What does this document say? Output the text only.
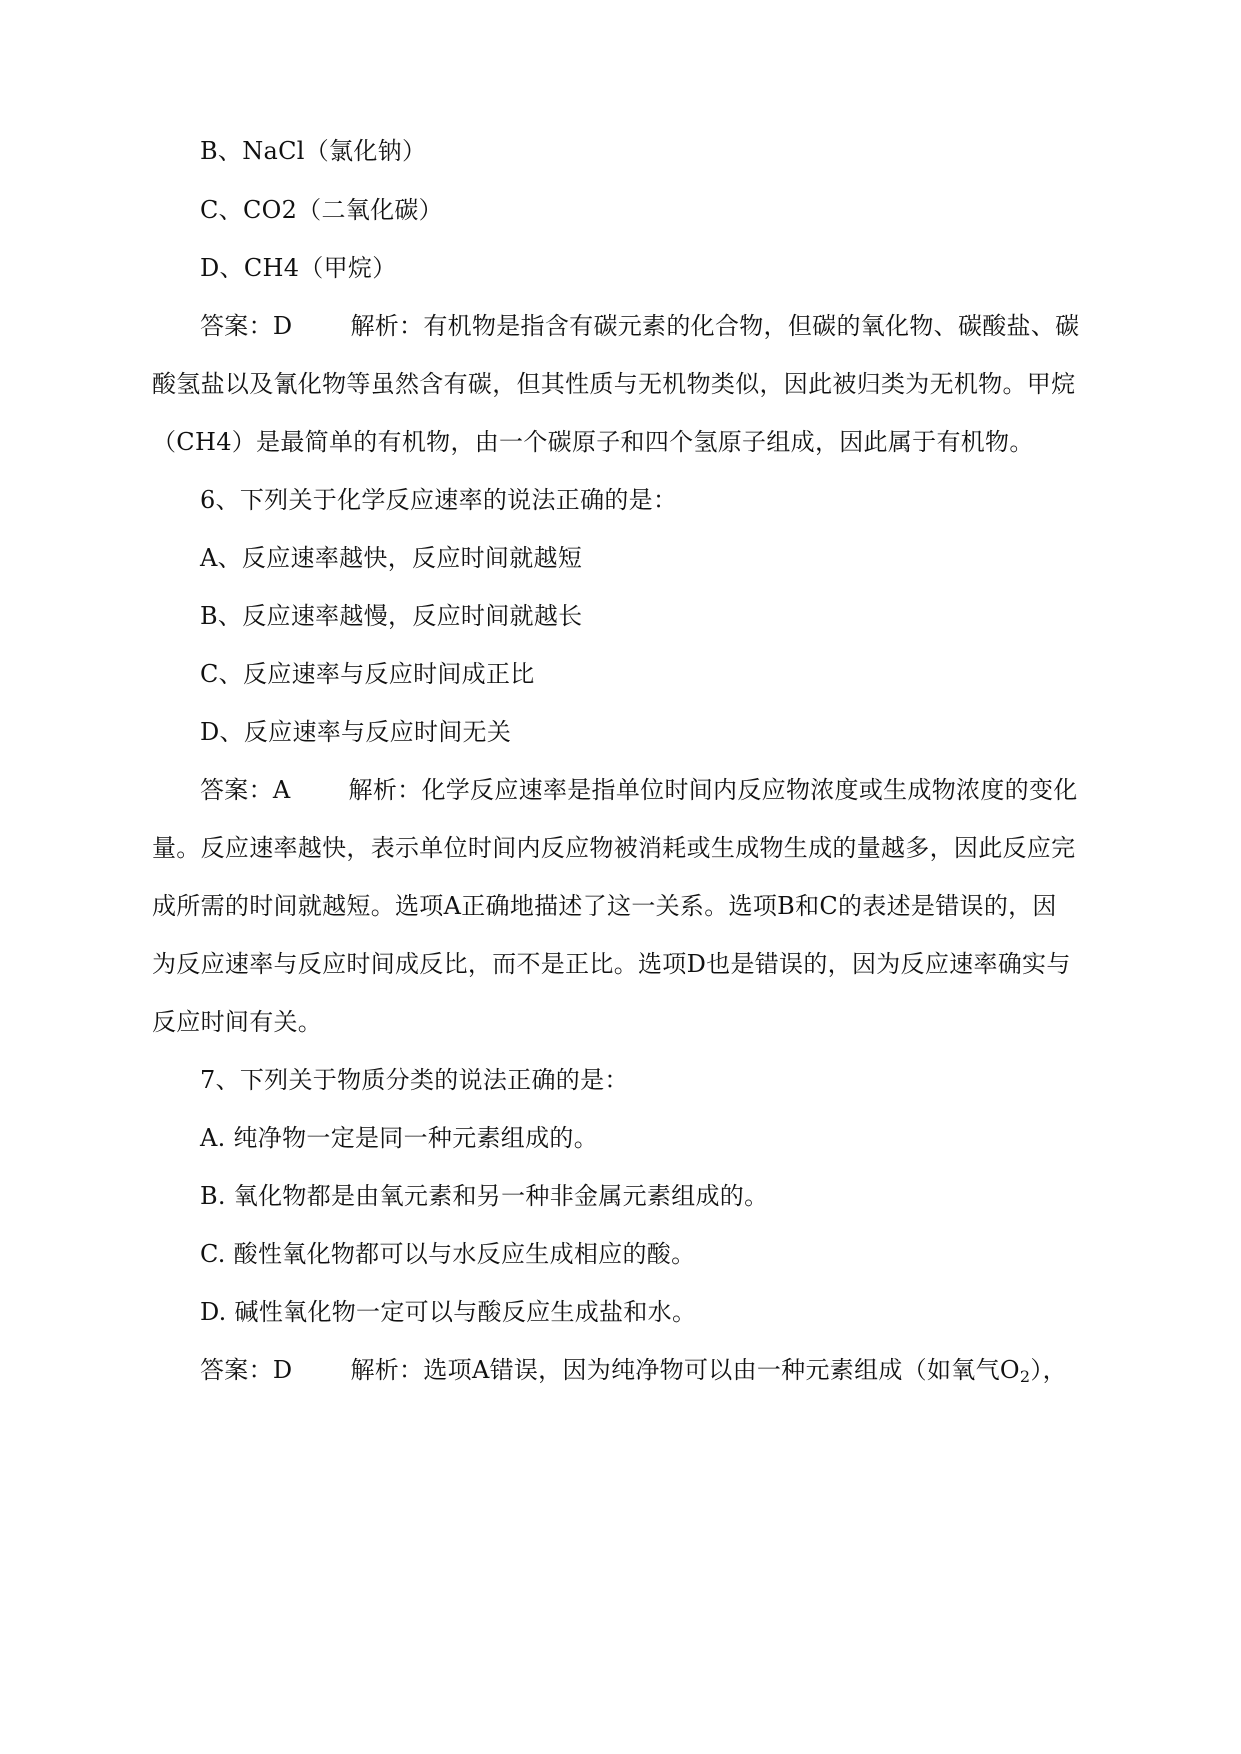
B、NaCl（氯化钠）
C、CO2（二氧化碳）
D、CH4（甲烷）
答案：D 解析：有机物是指含有碳元素的化合物，但碳的氧化物、碳酸盐、碳
酸氢盐以及氰化物等虽然含有碳，但其性质与无机物类似，因此被归类为无机物。甲烷
（CH4）是最简单的有机物，由一个碳原子和四个氢原子组成，因此属于有机物。
6、下列关于化学反应速率的说法正确的是：
A、反应速率越快，反应时间就越短
B、反应速率越慢，反应时间就越长
C、反应速率与反应时间成正比
D、反应速率与反应时间无关
答案：A 解析：化学反应速率是指单位时间内反应物浓度或生成物浓度的变化
量。反应速率越快，表示单位时间内反应物被消耗或生成物生成的量越多，因此反应完
成所需的时间就越短。选项A正确地描述了这一关系。选项B和C的表述是错误的，因
为反应速率与反应时间成反比，而不是正比。选项D也是错误的，因为反应速率确实与
反应时间有关。
7、下列关于物质分类的说法正确的是：
A. 纯净物一定是同一种元素组成的。
B. 氧化物都是由氧元素和另一种非金属元素组成的。
C. 酸性氧化物都可以与水反应生成相应的酸。
D. 碱性氧化物一定可以与酸反应生成盐和水。
答案：D 解析：选项A错误，因为纯净物可以由一种元素组成（如氧气$O_2$），
